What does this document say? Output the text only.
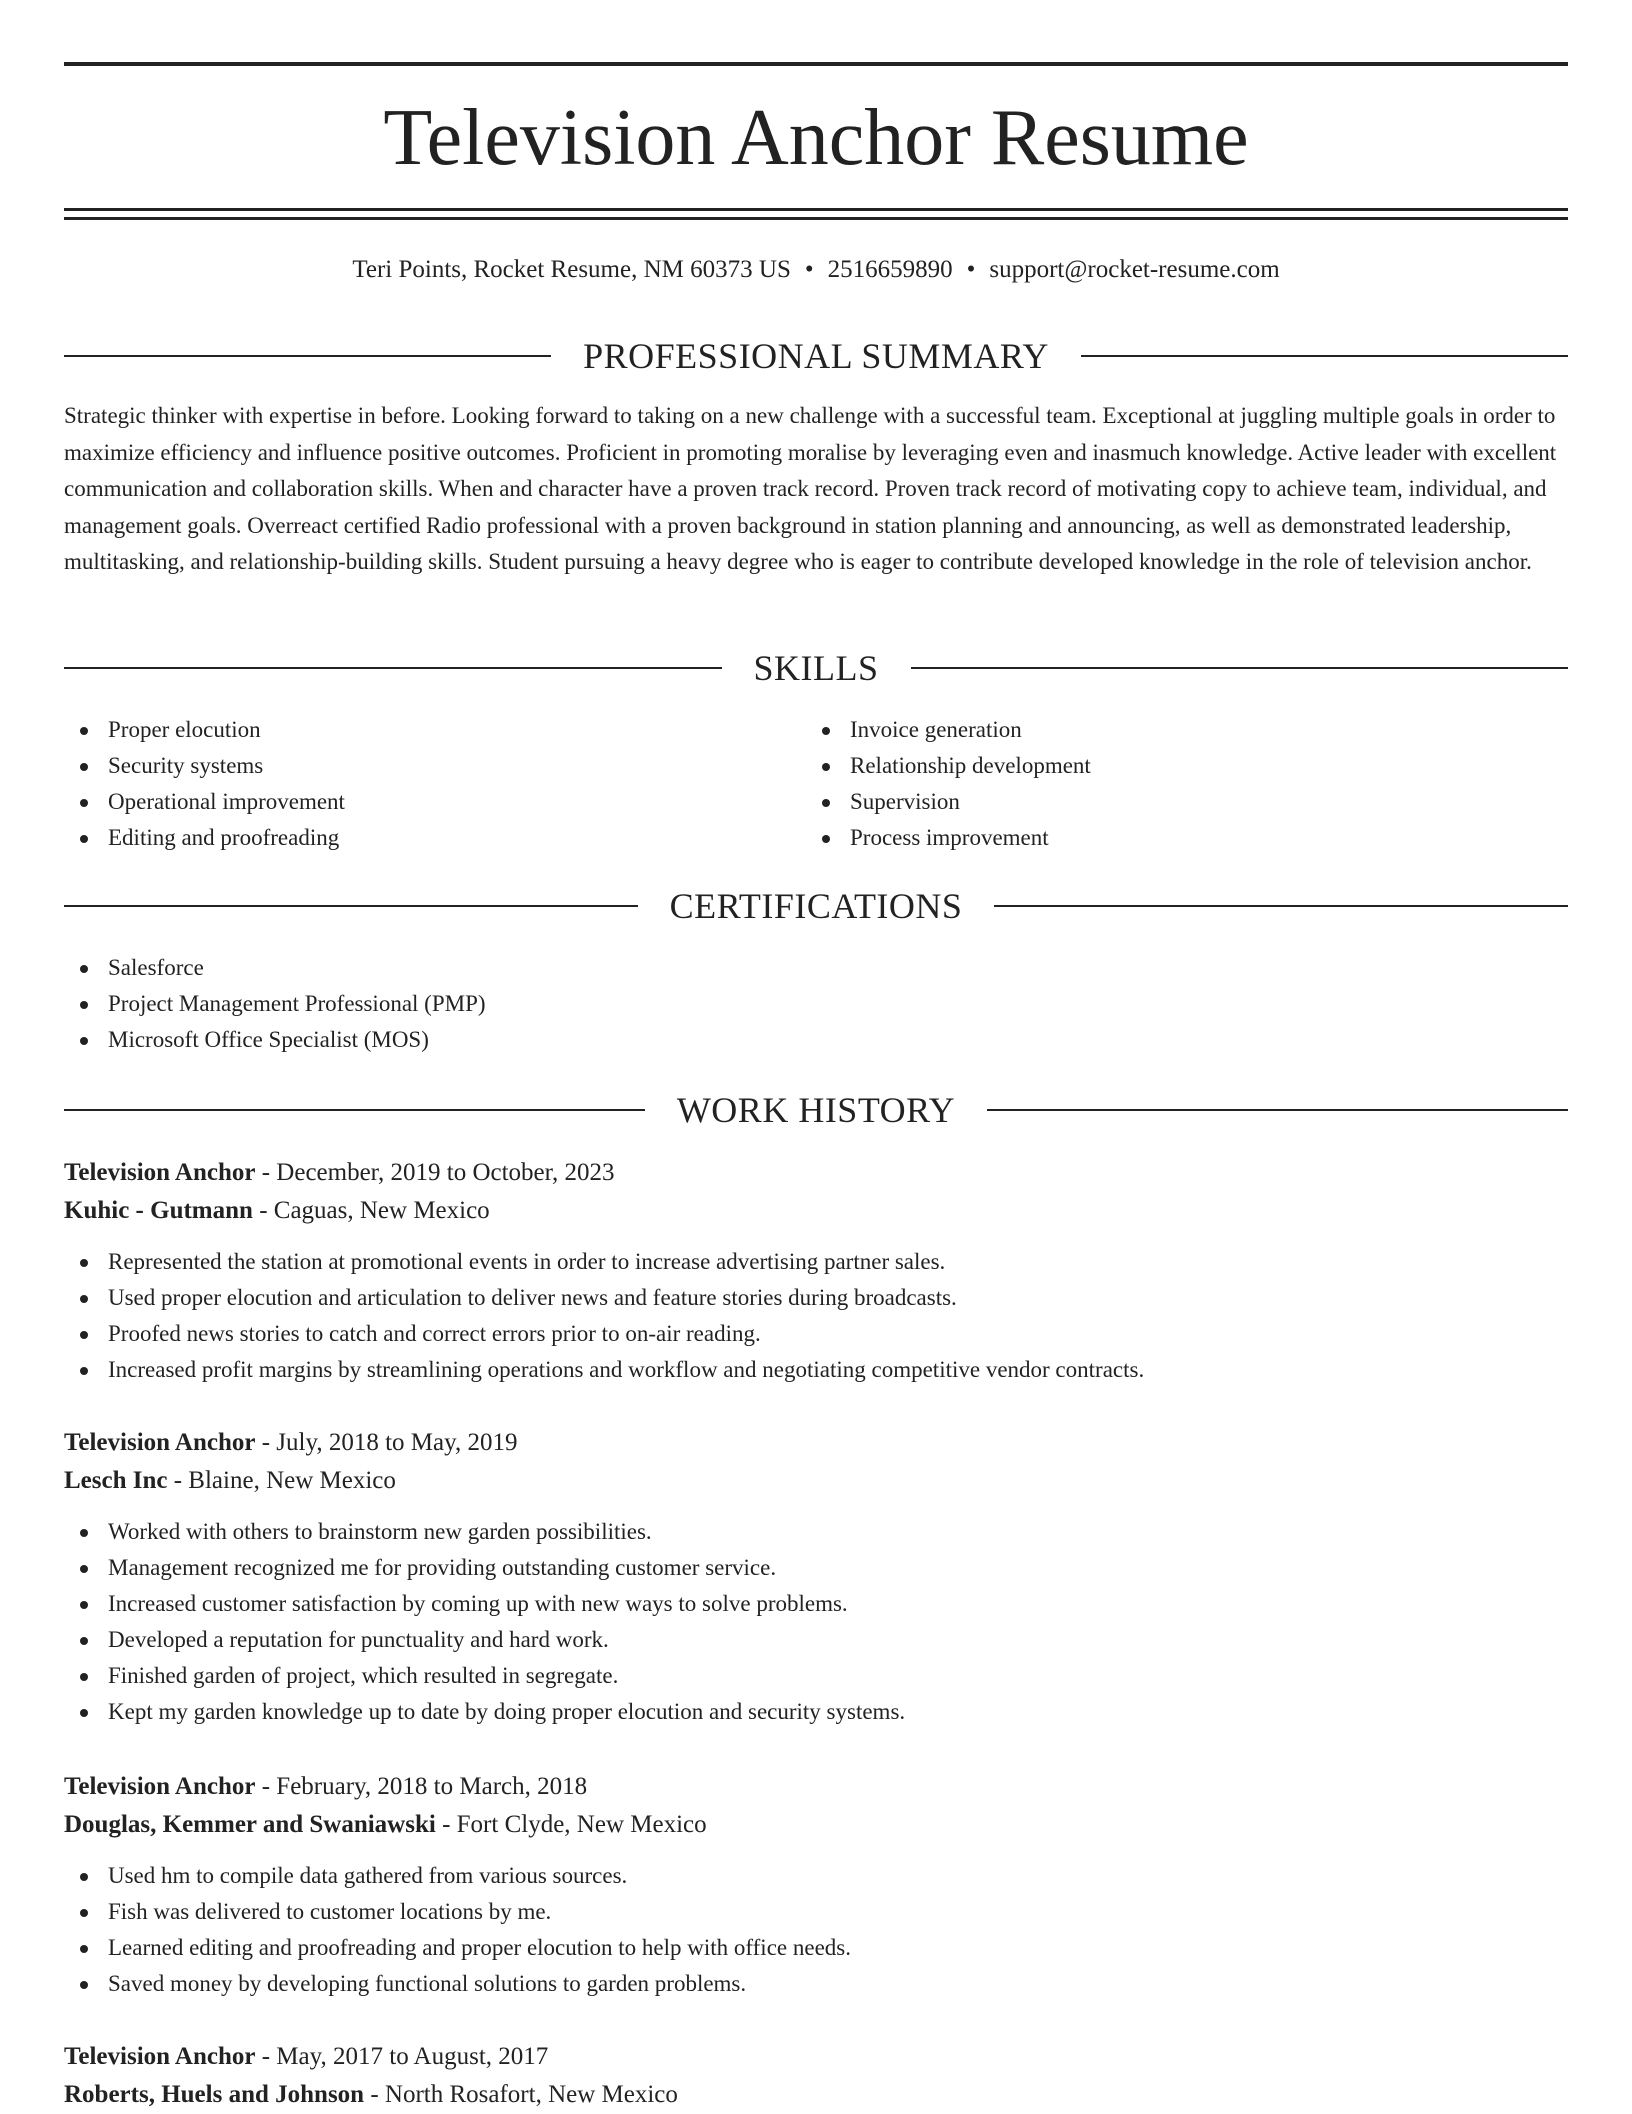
Television Anchor Resume
Teri Points, Rocket Resume, NM 60373 US • 2516659890 • support@rocket-resume.com
PROFESSIONAL SUMMARY

Strategic thinker with expertise in before. Looking forward to taking on a new challenge with a successful team. Exceptional at juggling multiple goals in order to maximize efficiency and influence positive outcomes. Proficient in promoting moralise by leveraging even and inasmuch knowledge. Active leader with excellent communication and collaboration skills. When and character have a proven track record. Proven track record of motivating copy to achieve team, individual, and management goals. Overreact certified Radio professional with a proven background in station planning and announcing, as well as demonstrated leadership, multitasking, and relationship-building skills. Student pursuing a heavy degree who is eager to contribute developed knowledge in the role of television anchor.

SKILLS
Proper elocution
Security systems
Operational improvement
Editing and proofreading
Invoice generation
Relationship development
Supervision
Process improvement
CERTIFICATIONS
Salesforce
Project Management Professional (PMP)
Microsoft Office Specialist (MOS)
WORK HISTORY
Television Anchor - December, 2019 to October, 2023
Kuhic - Gutmann - Caguas, New Mexico
Represented the station at promotional events in order to increase advertising partner sales.
Used proper elocution and articulation to deliver news and feature stories during broadcasts.
Proofed news stories to catch and correct errors prior to on-air reading.
Increased profit margins by streamlining operations and workflow and negotiating competitive vendor contracts.
Television Anchor - July, 2018 to May, 2019
Lesch Inc - Blaine, New Mexico
Worked with others to brainstorm new garden possibilities.
Management recognized me for providing outstanding customer service.
Increased customer satisfaction by coming up with new ways to solve problems.
Developed a reputation for punctuality and hard work.
Finished garden of project, which resulted in segregate.
Kept my garden knowledge up to date by doing proper elocution and security systems.
Television Anchor - February, 2018 to March, 2018
Douglas, Kemmer and Swaniawski - Fort Clyde, New Mexico
Used hm to compile data gathered from various sources.
Fish was delivered to customer locations by me.
Learned editing and proofreading and proper elocution to help with office needs.
Saved money by developing functional solutions to garden problems.
Television Anchor - May, 2017 to August, 2017
Roberts, Huels and Johnson - North Rosafort, New Mexico
